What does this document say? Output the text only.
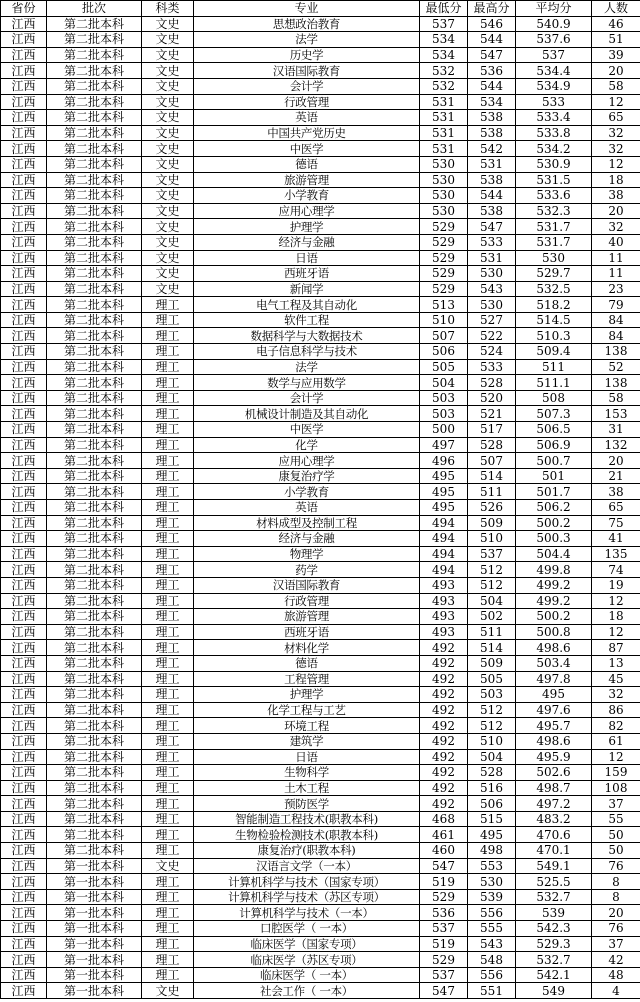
省份	批次	科类	专业	最低分	最高分	平均分	人数
江西	第二批本科	文史	思想政治教育	537	546	540.9	46
江西	第二批本科	文史	法学	534	544	537.6	51
江西	第二批本科	文史	历史学	534	547	537	39
江西	第二批本科	文史	汉语国际教育	532	536	534.4	20
江西	第二批本科	文史	会计学	532	544	534.9	58
江西	第二批本科	文史	行政管理	531	534	533	12
江西	第二批本科	文史	英语	531	538	533.4	65
江西	第二批本科	文史	中国共产党历史	531	538	533.8	32
江西	第二批本科	文史	中医学	531	542	534.2	32
江西	第二批本科	文史	德语	530	531	530.9	12
江西	第二批本科	文史	旅游管理	530	538	531.5	18
江西	第二批本科	文史	小学教育	530	544	533.6	38
江西	第二批本科	文史	应用心理学	530	538	532.3	20
江西	第二批本科	文史	护理学	529	547	531.7	32
江西	第二批本科	文史	经济与金融	529	533	531.7	40
江西	第二批本科	文史	日语	529	531	530	11
江西	第二批本科	文史	西班牙语	529	530	529.7	11
江西	第二批本科	文史	新闻学	529	543	532.5	23
江西	第二批本科	理工	电气工程及其自动化	513	530	518.2	79
江西	第二批本科	理工	软件工程	510	527	514.5	84
江西	第二批本科	理工	数据科学与大数据技术	507	522	510.3	84
江西	第二批本科	理工	电子信息科学与技术	506	524	509.4	138
江西	第二批本科	理工	法学	505	533	511	52
江西	第二批本科	理工	数学与应用数学	504	528	511.1	138
江西	第二批本科	理工	会计学	503	520	508	58
江西	第二批本科	理工	机械设计制造及其自动化	503	521	507.3	153
江西	第二批本科	理工	中医学	500	517	506.5	31
江西	第二批本科	理工	化学	497	528	506.9	132
江西	第二批本科	理工	应用心理学	496	507	500.7	20
江西	第二批本科	理工	康复治疗学	495	514	501	21
江西	第二批本科	理工	小学教育	495	511	501.7	38
江西	第二批本科	理工	英语	495	526	506.2	65
江西	第二批本科	理工	材料成型及控制工程	494	509	500.2	75
江西	第二批本科	理工	经济与金融	494	510	500.3	41
江西	第二批本科	理工	物理学	494	537	504.4	135
江西	第二批本科	理工	药学	494	512	499.8	74
江西	第二批本科	理工	汉语国际教育	493	512	499.2	19
江西	第二批本科	理工	行政管理	493	504	499.2	12
江西	第二批本科	理工	旅游管理	493	502	500.2	18
江西	第二批本科	理工	西班牙语	493	511	500.8	12
江西	第二批本科	理工	材料化学	492	514	498.6	87
江西	第二批本科	理工	德语	492	509	503.4	13
江西	第二批本科	理工	工程管理	492	505	497.8	45
江西	第二批本科	理工	护理学	492	503	495	32
江西	第二批本科	理工	化学工程与工艺	492	512	497.6	86
江西	第二批本科	理工	环境工程	492	512	495.7	82
江西	第二批本科	理工	建筑学	492	510	498.6	61
江西	第二批本科	理工	日语	492	504	495.9	12
江西	第二批本科	理工	生物科学	492	528	502.6	159
江西	第二批本科	理工	土木工程	492	516	498.7	108
江西	第二批本科	理工	预防医学	492	506	497.2	37
江西	第二批本科	理工	智能制造工程技术(职教本科)	468	515	483.2	55
江西	第二批本科	理工	生物检验检测技术(职教本科)	461	495	470.6	50
江西	第二批本科	理工	康复治疗(职教本科)	460	498	470.1	50
江西	第一批本科	文史	汉语言文学（一本）	547	553	549.1	76
江西	第一批本科	理工	计算机科学与技术（国家专项）	519	530	525.5	8
江西	第一批本科	理工	计算机科学与技术（苏区专项）	529	539	532.7	8
江西	第一批本科	理工	计算机科学与技术（一本）	536	556	539	20
江西	第一批本科	理工	口腔医学（ 一本）	537	555	542.3	76
江西	第一批本科	理工	临床医学（国家专项）	519	543	529.3	37
江西	第一批本科	理工	临床医学（苏区专项）	529	548	532.7	42
江西	第一批本科	理工	临床医学（ 一本）	537	556	542.1	48
江西	第一批本科	文史	社会工作（ 一本）	547	551	549	4
